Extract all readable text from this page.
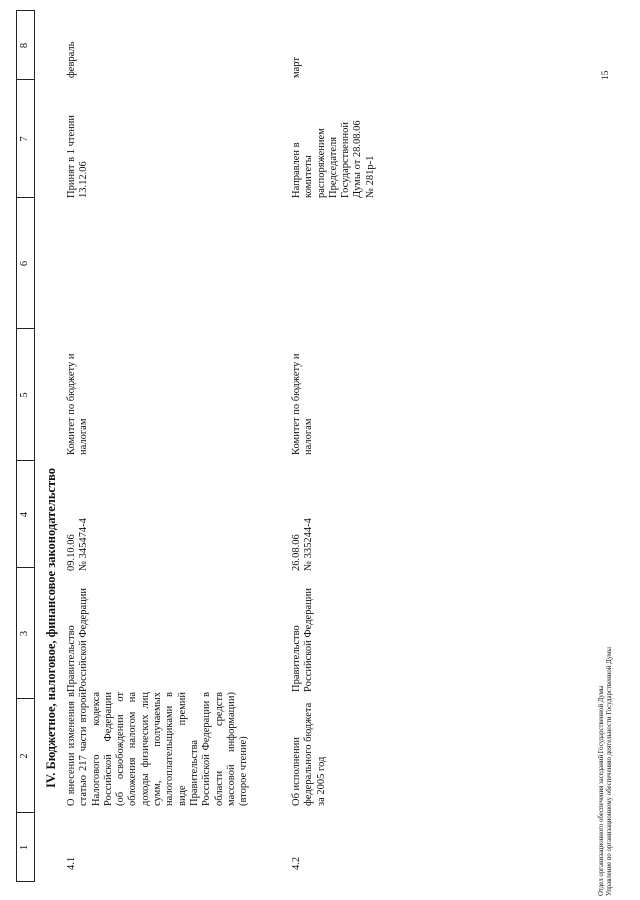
1
2
3
4
5
6
7
8
IV. Бюджетное, налоговое, финансовое законодательство
4.1
О внесении изменения в статью 217 части второй Налогового кодекса Российской Федерации (об освобождении от обложения налогом на доходы физических лиц сумм, получаемых налогоплательщиками в виде премий Правительства Российской Федерации в области средств массовой информации) (второе чтение)
Правительство Российской Федерации
09.10.06
№ 345474-4
Комитет по бюджету и налогам
Принят в 1 чтении
13.12.06
февраль
4.2
Об исполнении федерального бюджета за 2005 год
Правительство Российской Федерации
26.08.06
№ 335244-4
Комитет по бюджету и налогам
Направлен в комитеты распоряжением Председателя Государственной Думы от 28.08.06 № 281р-1
март
Отдел организационного обеспечения заседаний Государственной Думы Управление по организационному обеспечению деятельности Государственной Думы
15
